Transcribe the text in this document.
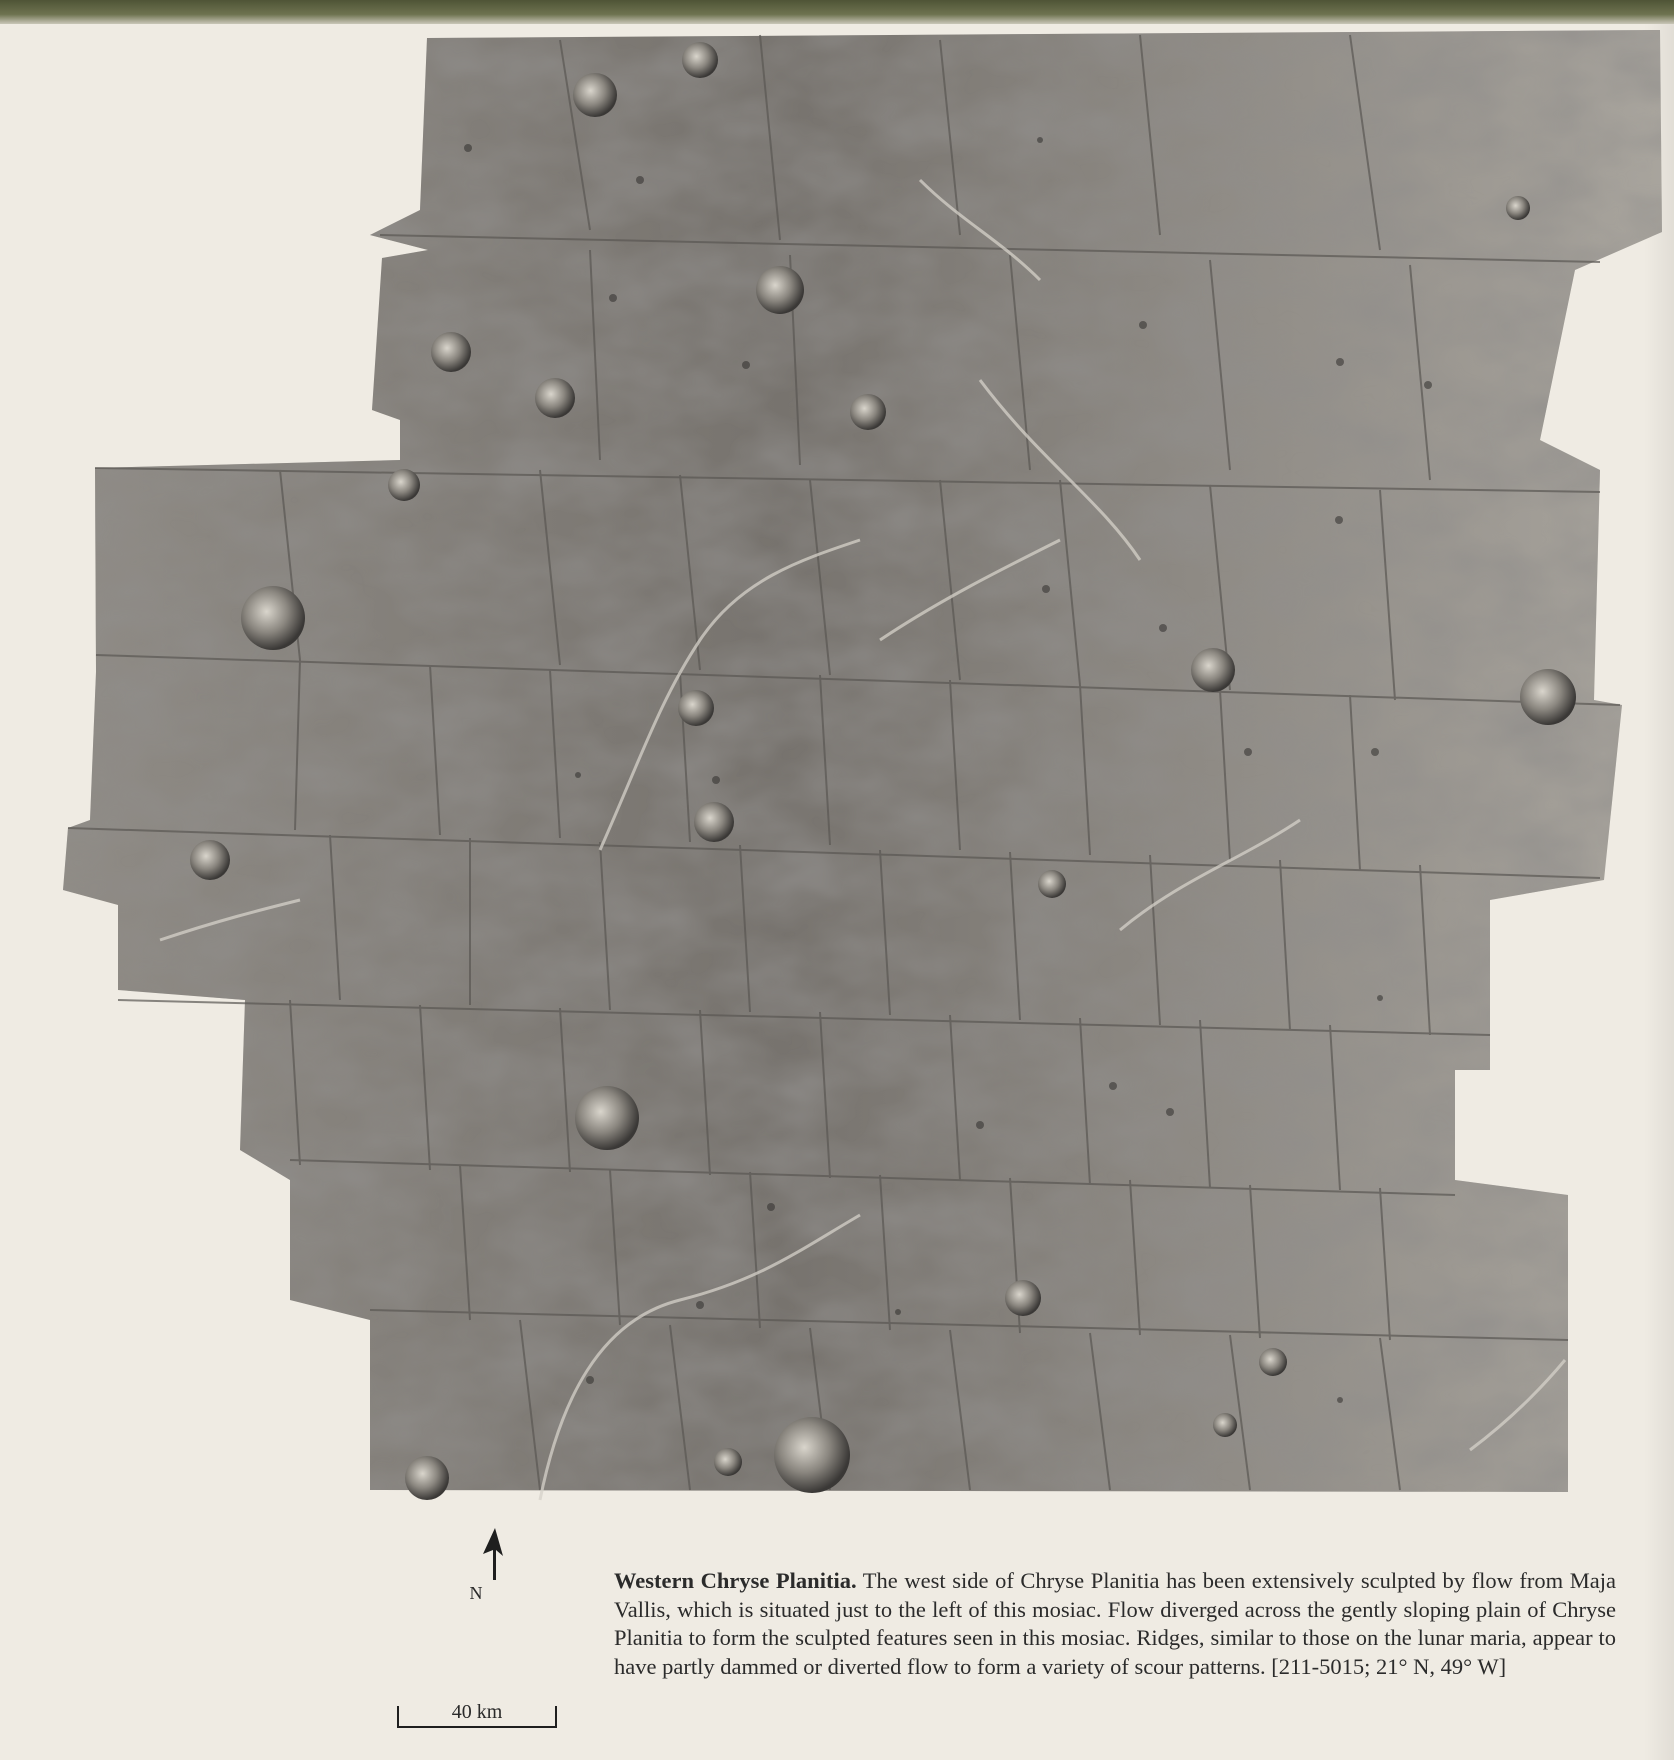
N
40 km
Western Chryse Planitia. The west side of Chryse Planitia has been extensively sculpted by flow from Maja Vallis, which is situated just to the left of this mosiac. Flow diverged across the gently sloping plain of Chryse Planitia to form the sculpted features seen in this mosiac. Ridges, similar to those on the lunar maria, appear to have partly dammed or diverted flow to form a variety of scour patterns. [211-5015; 21° N, 49° W]
